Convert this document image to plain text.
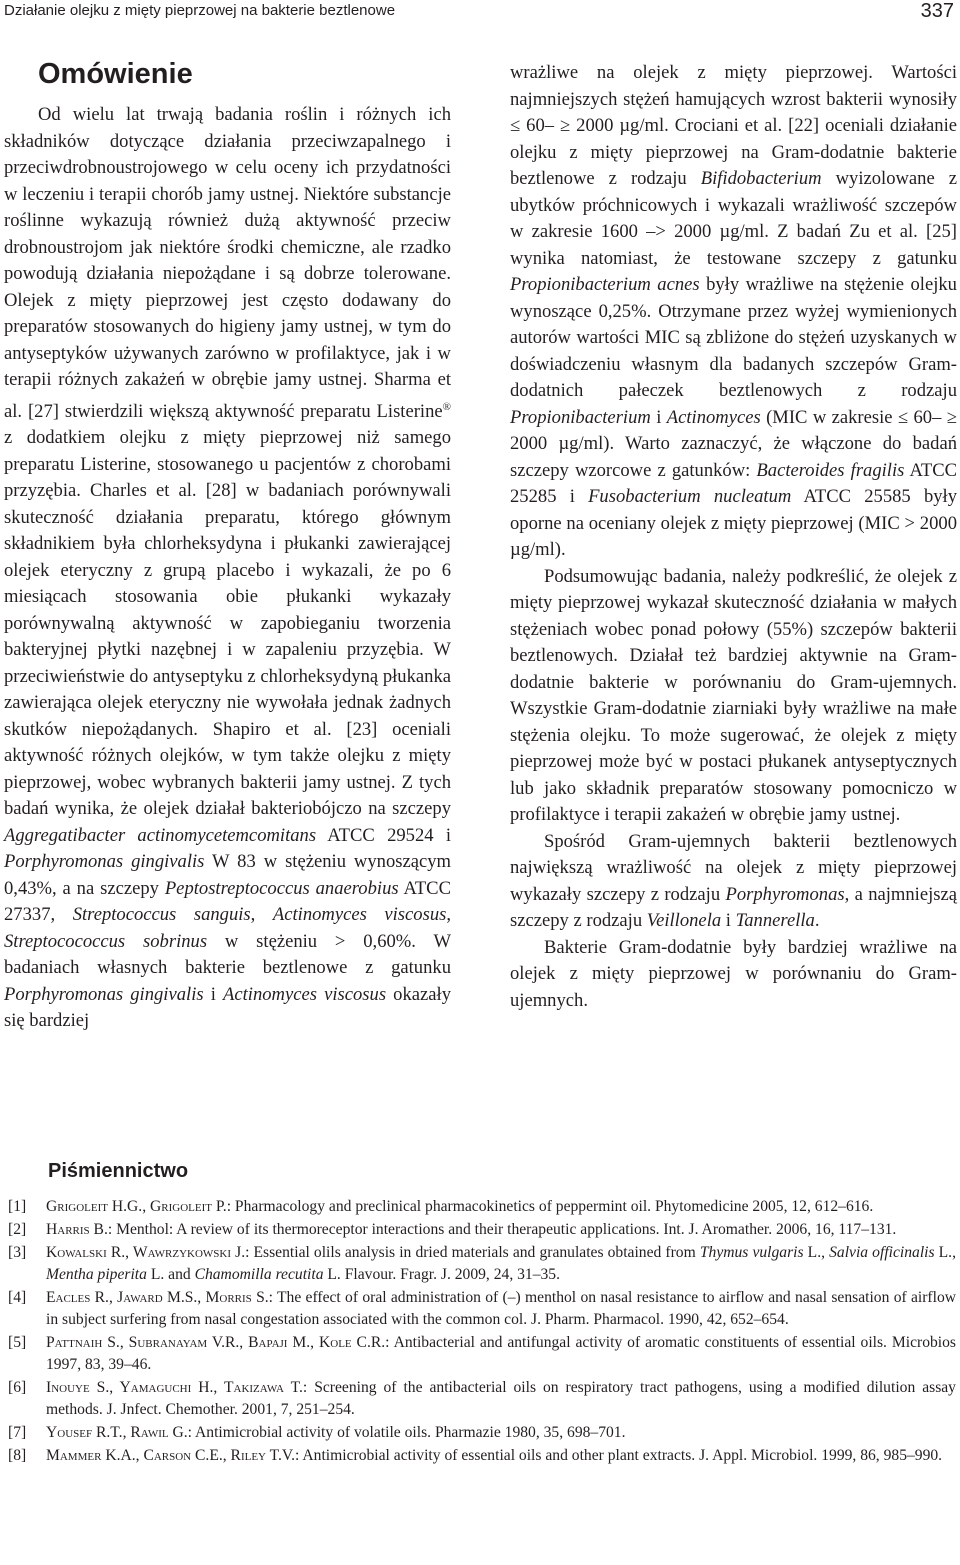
Działanie olejku z mięty pieprzowej na bakterie beztlenowe	337
Omówienie

Od wielu lat trwają badania roślin i różnych ich składników dotyczące działania przeciwzapalnego i przeciwdrobnoustrojowego w celu oceny ich przydatności w leczeniu i terapii chorób jamy ustnej. Niektóre substancje roślinne wykazują również dużą aktywność przeciw drobnoustrojom jak niektóre środki chemiczne, ale rzadko powodują działania niepożądane i są dobrze tolerowane. Olejek z mięty pieprzowej jest często dodawany do preparatów stosowanych do higieny jamy ustnej, w tym do antyseptyków używanych zarówno w profilaktyce, jak i w terapii różnych zakażeń w obrębie jamy ustnej. Sharma et al. [27] stwierdzili większą aktywność preparatu Listerine® z dodatkiem olejku z mięty pieprzowej niż samego preparatu Listerine, stosowanego u pacjentów z chorobami przyzębia. Charles et al. [28] w badaniach porównywali skuteczność działania preparatu, którego głównym składnikiem była chlorheksydyna i płukanki zawierającej olejek eteryczny z grupą placebo i wykazali, że po 6 miesiącach stosowania obie płukanki wykazały porównywalną aktywność w zapobieganiu tworzenia bakteryjnej płytki nazębnej i w zapaleniu przyzębia. W przeciwieństwie do antyseptyku z chlorheksydyną płukanka zawierająca olejek eteryczny nie wywołała jednak żadnych skutków niepożądanych. Shapiro et al. [23] oceniali aktywność różnych olejków, w tym także olejku z mięty pieprzowej, wobec wybranych bakterii jamy ustnej. Z tych badań wynika, że olejek działał bakteriobójczo na szczepy Aggregatibacter actinomycetemcomitans ATCC 29524 i Porphyromonas gingivalis W 83 w stężeniu wynoszącym 0,43%, a na szczepy Peptostreptococcus anaerobius ATCC 27337, Streptococcus sanguis, Actinomyces viscosus, Streptocococcus sobrinus w stężeniu > 0,60%. W badaniach własnych bakterie beztlenowe z gatunku Porphyromonas gingivalis i Actinomyces viscosus okazały się bardziej

wrażliwe na olejek z mięty pieprzowej. Wartości najmniejszych stężeń hamujących wzrost bakterii wynosiły ≤ 60– ≥ 2000 µg/ml. Crociani et al. [22] oceniali działanie olejku z mięty pieprzowej na Gram-dodatnie bakterie beztlenowe z rodzaju Bifidobacterium wyizolowane z ubytków próchnicowych i wykazali wrażliwość szczepów w zakresie 1600 –> 2000 µg/ml. Z badań Zu et al. [25] wynika natomiast, że testowane szczepy z gatunku Propionibacterium acnes były wrażliwe na stężenie olejku wynoszące 0,25%. Otrzymane przez wyżej wymienionych autorów wartości MIC są zbliżone do stężeń uzyskanych w doświadczeniu własnym dla badanych szczepów Gram-dodatnich pałeczek beztlenowych z rodzaju Propionibacterium i Actinomyces (MIC w zakresie ≤ 60– ≥ 2000 µg/ml). Warto zaznaczyć, że włączone do badań szczepy wzorcowe z gatunków: Bacteroides fragilis ATCC 25285 i Fusobacterium nucleatum ATCC 25585 były oporne na oceniany olejek z mięty pieprzowej (MIC > 2000 µg/ml).

Podsumowując badania, należy podkreślić, że olejek z mięty pieprzowej wykazał skuteczność działania w małych stężeniach wobec ponad połowy (55%) szczepów bakterii beztlenowych. Działał też bardziej aktywnie na Gram-dodatnie bakterie w porównaniu do Gram-ujemnych. Wszystkie Gram-dodatnie ziarniaki były wrażliwe na małe stężenia olejku. To może sugerować, że olejek z mięty pieprzowej może być w postaci płukanek antyseptycznych lub jako składnik preparatów stosowany pomocniczo w profilaktyce i terapii zakażeń w obrębie jamy ustnej.

Spośród Gram-ujemnych bakterii beztlenowych największą wrażliwość na olejek z mięty pieprzowej wykazały szczepy z rodzaju Porphyromonas, a najmniejszą szczepy z rodzaju Veillonela i Tannerella.

Bakterie Gram-dodatnie były bardziej wrażliwe na olejek z mięty pieprzowej w porównaniu do Gram-ujemnych.

Piśmiennictwo
[1] Grigoleit H.G., Grigoleit P.: Pharmacology and preclinical pharmacokinetics of peppermint oil. Phytomedicine 2005, 12, 612–616.
[2] Harris B.: Menthol: A review of its thermoreceptor interactions and their therapeutic applications. Int. J. Aromather. 2006, 16, 117–131.
[3] Kowalski R., Wawrzykowski J.: Essential olils analysis in dried materials and granulates obtained from Thymus vulgaris L., Salvia officinalis L., Mentha piperita L. and Chamomilla recutita L. Flavour. Fragr. J. 2009, 24, 31–35.
[4] Eacles R., Jaward M.S., Morris S.: The effect of oral administration of (–) menthol on nasal resistance to airflow and nasal sensation of airflow in subject surfering from nasal congestation associated with the common col. J. Pharm. Pharmacol. 1990, 42, 652–654.
[5] Pattnaih S., Subranayam V.R., Bapaji M., Kole C.R.: Antibacterial and antifungal activity of aromatic constituents of essential oils. Microbios 1997, 83, 39–46.
[6] Inouye S., Yamaguchi H., Takizawa T.: Screening of the antibacterial oils on respiratory tract pathogens, using a modified dilution assay methods. J. Jnfect. Chemother. 2001, 7, 251–254.
[7] Yousef R.T., Rawil G.: Antimicrobial activity of volatile oils. Pharmazie 1980, 35, 698–701.
[8] Mammer K.A., Carson C.E., Riley T.V.: Antimicrobial activity of essential oils and other plant extracts. J. Appl. Microbiol. 1999, 86, 985–990.
